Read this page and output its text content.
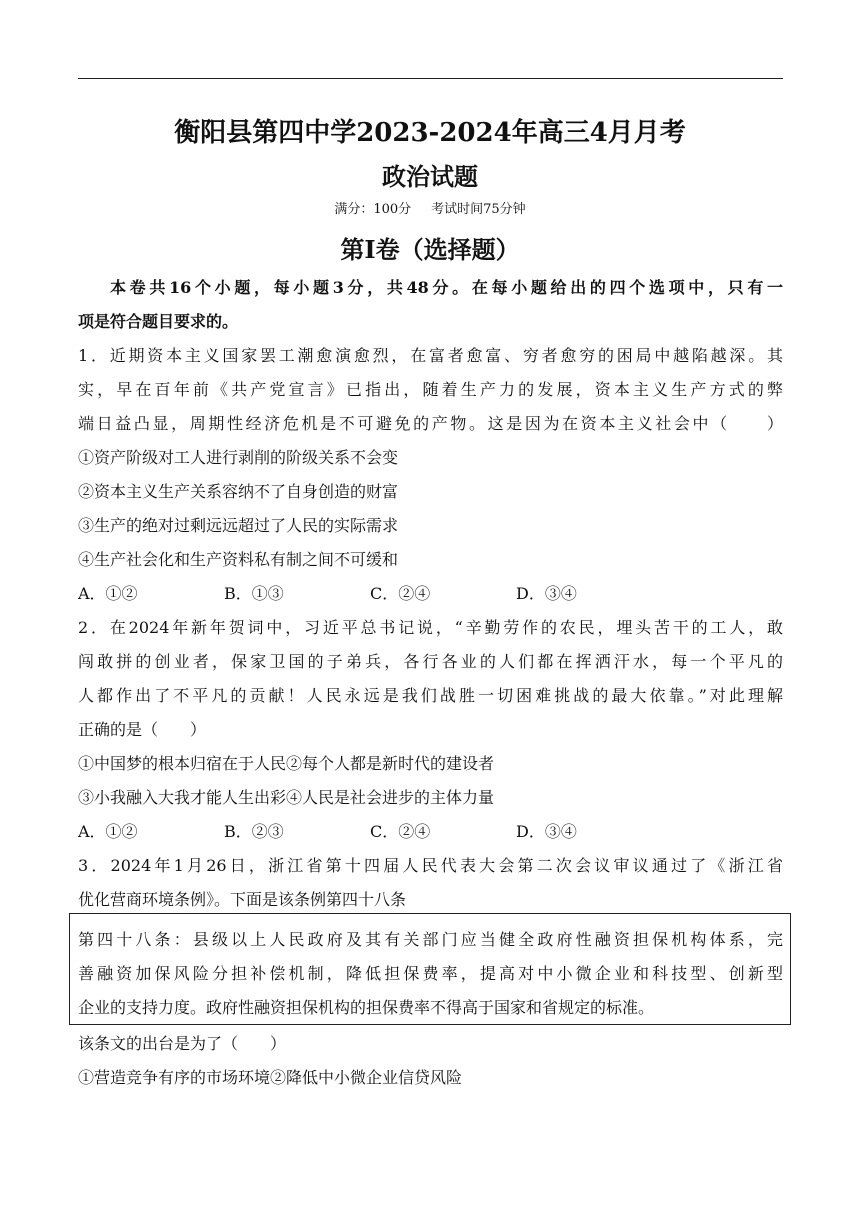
衡阳县第四中学2023-2024年高三4月月考
政治试题
满分：100分 考试时间75分钟
第Ⅰ卷（选择题）
本卷共16个小题，每小题3分，共48分。在每小题给出的四个选项中，只有一
项是符合题目要求的。
1．近期资本主义国家罢工潮愈演愈烈，在富者愈富、穷者愈穷的困局中越陷越深。其
实，早在百年前《共产党宣言》已指出，随着生产力的发展，资本主义生产方式的弊
端日益凸显，周期性经济危机是不可避免的产物。这是因为在资本主义社会中（　　）
①资产阶级对工人进行剥削的阶级关系不会变
②资本主义生产关系容纳不了自身创造的财富
③生产的绝对过剩远远超过了人民的实际需求
④生产社会化和生产资料私有制之间不可缓和
A．①②	B．①③	C．②④	D．③④
2．在2024年新年贺词中，习近平总书记说，“辛勤劳作的农民，埋头苦干的工人，敢
闯敢拼的创业者，保家卫国的子弟兵，各行各业的人们都在挥洒汗水，每一个平凡的
人都作出了不平凡的贡献！人民永远是我们战胜一切困难挑战的最大依靠。”对此理解
正确的是（　　）
①中国梦的根本归宿在于人民②每个人都是新时代的建设者
③小我融入大我才能人生出彩④人民是社会进步的主体力量
A．①②	B．②③	C．②④	D．③④
3．2024年1月26日，浙江省第十四届人民代表大会第二次会议审议通过了《浙江省
优化营商环境条例》。下面是该条例第四十八条
第四十八条：县级以上人民政府及其有关部门应当健全政府性融资担保机构体系，完
善融资加保风险分担补偿机制，降低担保费率，提高对中小微企业和科技型、创新型
企业的支持力度。政府性融资担保机构的担保费率不得高于国家和省规定的标准。
该条文的出台是为了（　　）
①营造竞争有序的市场环境②降低中小微企业信贷风险
